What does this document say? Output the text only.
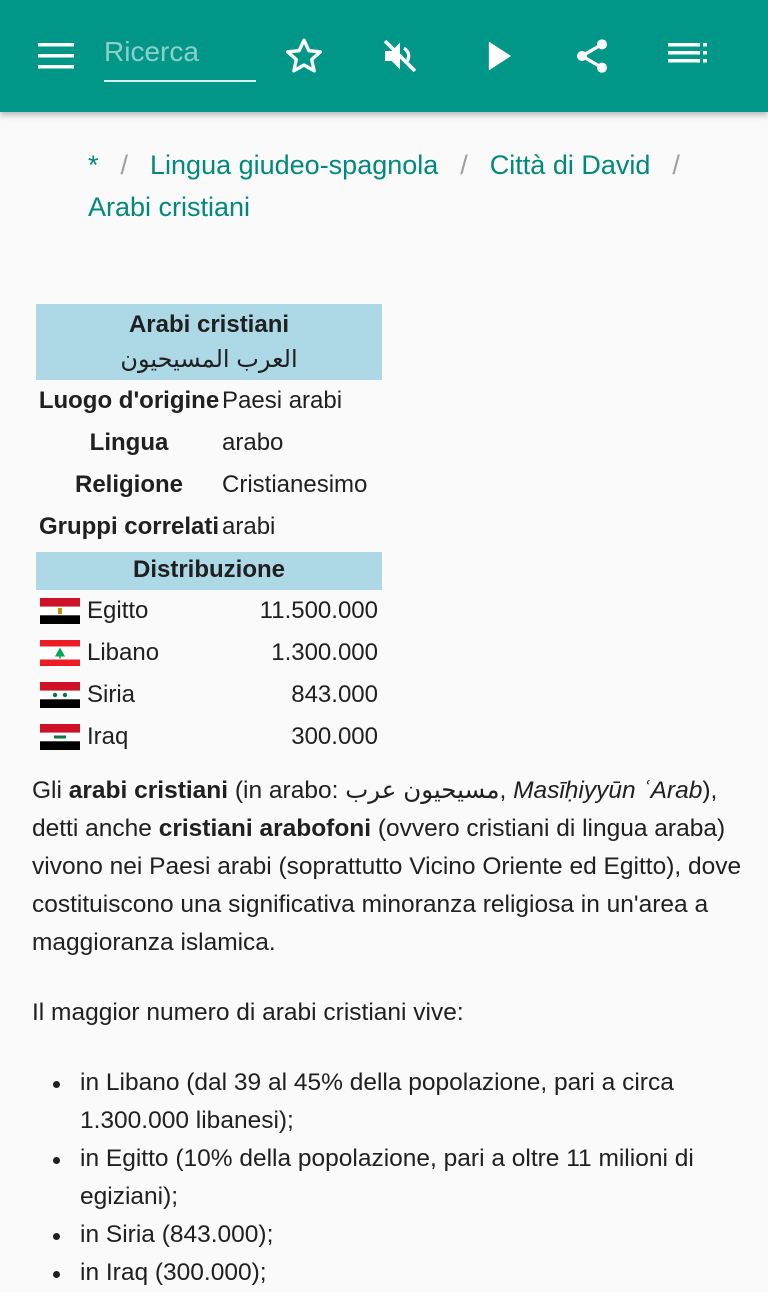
Ricerca
* / Lingua giudeo-spagnola / Città di David /
Arabi cristiani
Arabi cristiani
العرب المسيحيون
Luogo d'origine Paesi arabi
Lingua	arabo
Religione	Cristianesimo
Gruppi correlati arabi
Distribuzione
Egitto	11.500.000
Libano	1.300.000
Siria	843.000
Iraq	300.000

Gli arabi cristiani (in arabo: مسيحيون عرب, Masīḥiyyūn ʿArab), detti anche cristiani arabofoni (ovvero cristiani di lingua araba) vivono nei Paesi arabi (soprattutto Vicino Oriente ed Egitto), dove costituiscono una significativa minoranza religiosa in un'area a maggioranza islamica.

Il maggior numero di arabi cristiani vive:

in Libano (dal 39 al 45% della popolazione, pari a circa 1.300.000 libanesi);
in Egitto (10% della popolazione, pari a oltre 11 milioni di egiziani);
in Siria (843.000);
in Iraq (300.000);
